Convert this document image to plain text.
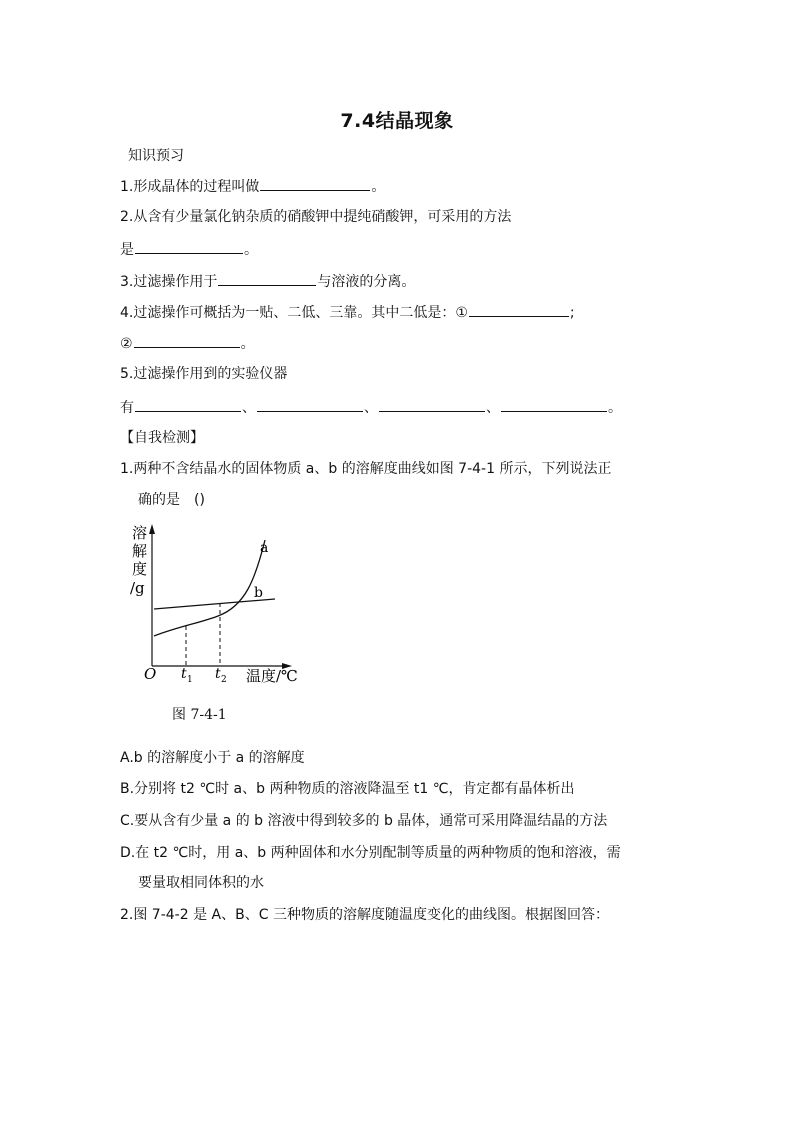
7.4结晶现象
知识预习
1.形成晶体的过程叫做	。
2.从含有少量氯化钠杂质的硝酸钾中提纯硝酸钾，可采用的方法
是	。
3.过滤操作用于	与溶液的分离。
4.过滤操作可概括为一贴、二低、三靠。其中二低是：①	;
②	。
5.过滤操作用到的实验仪器
有	、	、	、	。
【自我检测】
1.两种不含结晶水的固体物质 a、b 的溶解度曲线如图 7-4-1 所示，下列说法正
确的是　()
溶
解
度
/g
a
b
O t 1 t 2 温度/℃
图 7-4-1
A.b 的溶解度小于 a 的溶解度
B.分别将 t2 ℃时 a、b 两种物质的溶液降温至 t1 ℃，肯定都有晶体析出
C.要从含有少量 a 的 b 溶液中得到较多的 b 晶体，通常可采用降温结晶的方法
D.在 t2 ℃时，用 a、b 两种固体和水分别配制等质量的两种物质的饱和溶液，需
要量取相同体积的水
2.图 7-4-2 是 A、B、C 三种物质的溶解度随温度变化的曲线图。根据图回答：
